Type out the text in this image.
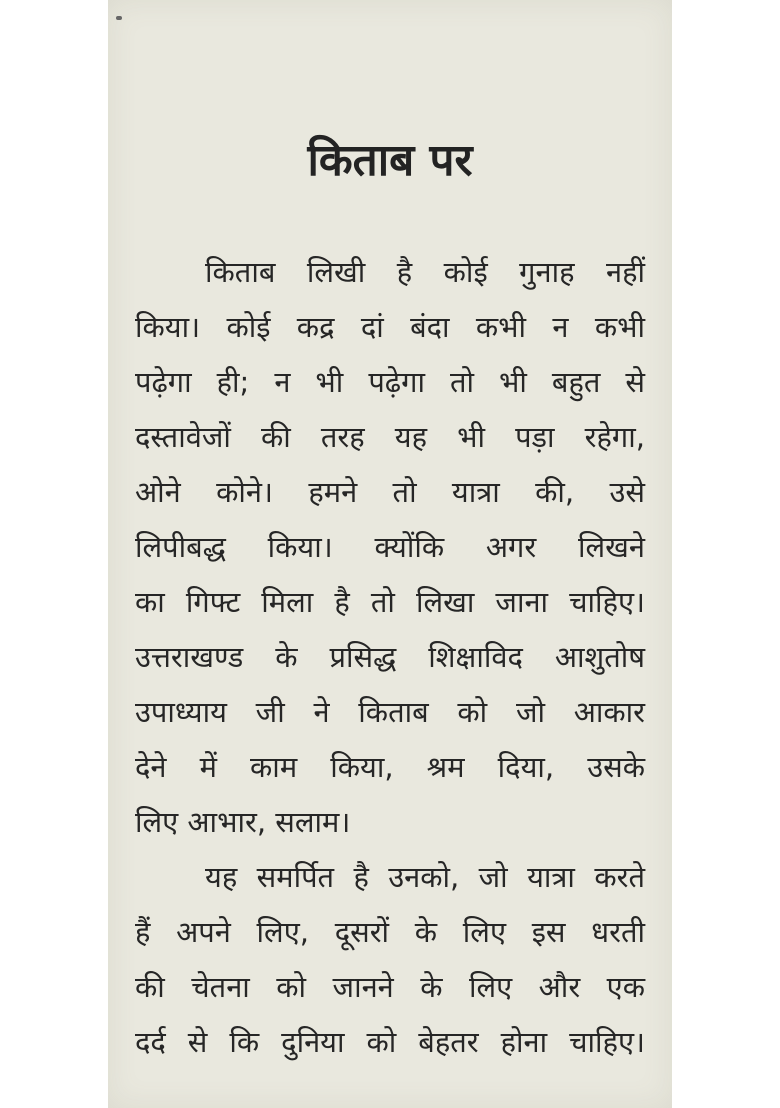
किताब पर
किताब लिखी है कोई गुनाह नहीं
किया। कोई कद्र दां बंदा कभी न कभी
पढ़ेगा ही; न भी पढ़ेगा तो भी बहुत से
दस्तावेजों की तरह यह भी पड़ा रहेगा,
ओने कोने। हमने तो यात्रा की, उसे
लिपीबद्ध किया। क्योंकि अगर लिखने
का गिफ्ट मिला है तो लिखा जाना चाहिए।
उत्तराखण्ड के प्रसिद्ध शिक्षाविद आशुतोष
उपाध्याय जी ने किताब को जो आकार
देने में काम किया, श्रम दिया, उसके
लिए आभार, सलाम।
यह समर्पित है उनको, जो यात्रा करते
हैं अपने लिए, दूसरों के लिए इस धरती
की चेतना को जानने के लिए और एक
दर्द से कि दुनिया को बेहतर होना चाहिए।
